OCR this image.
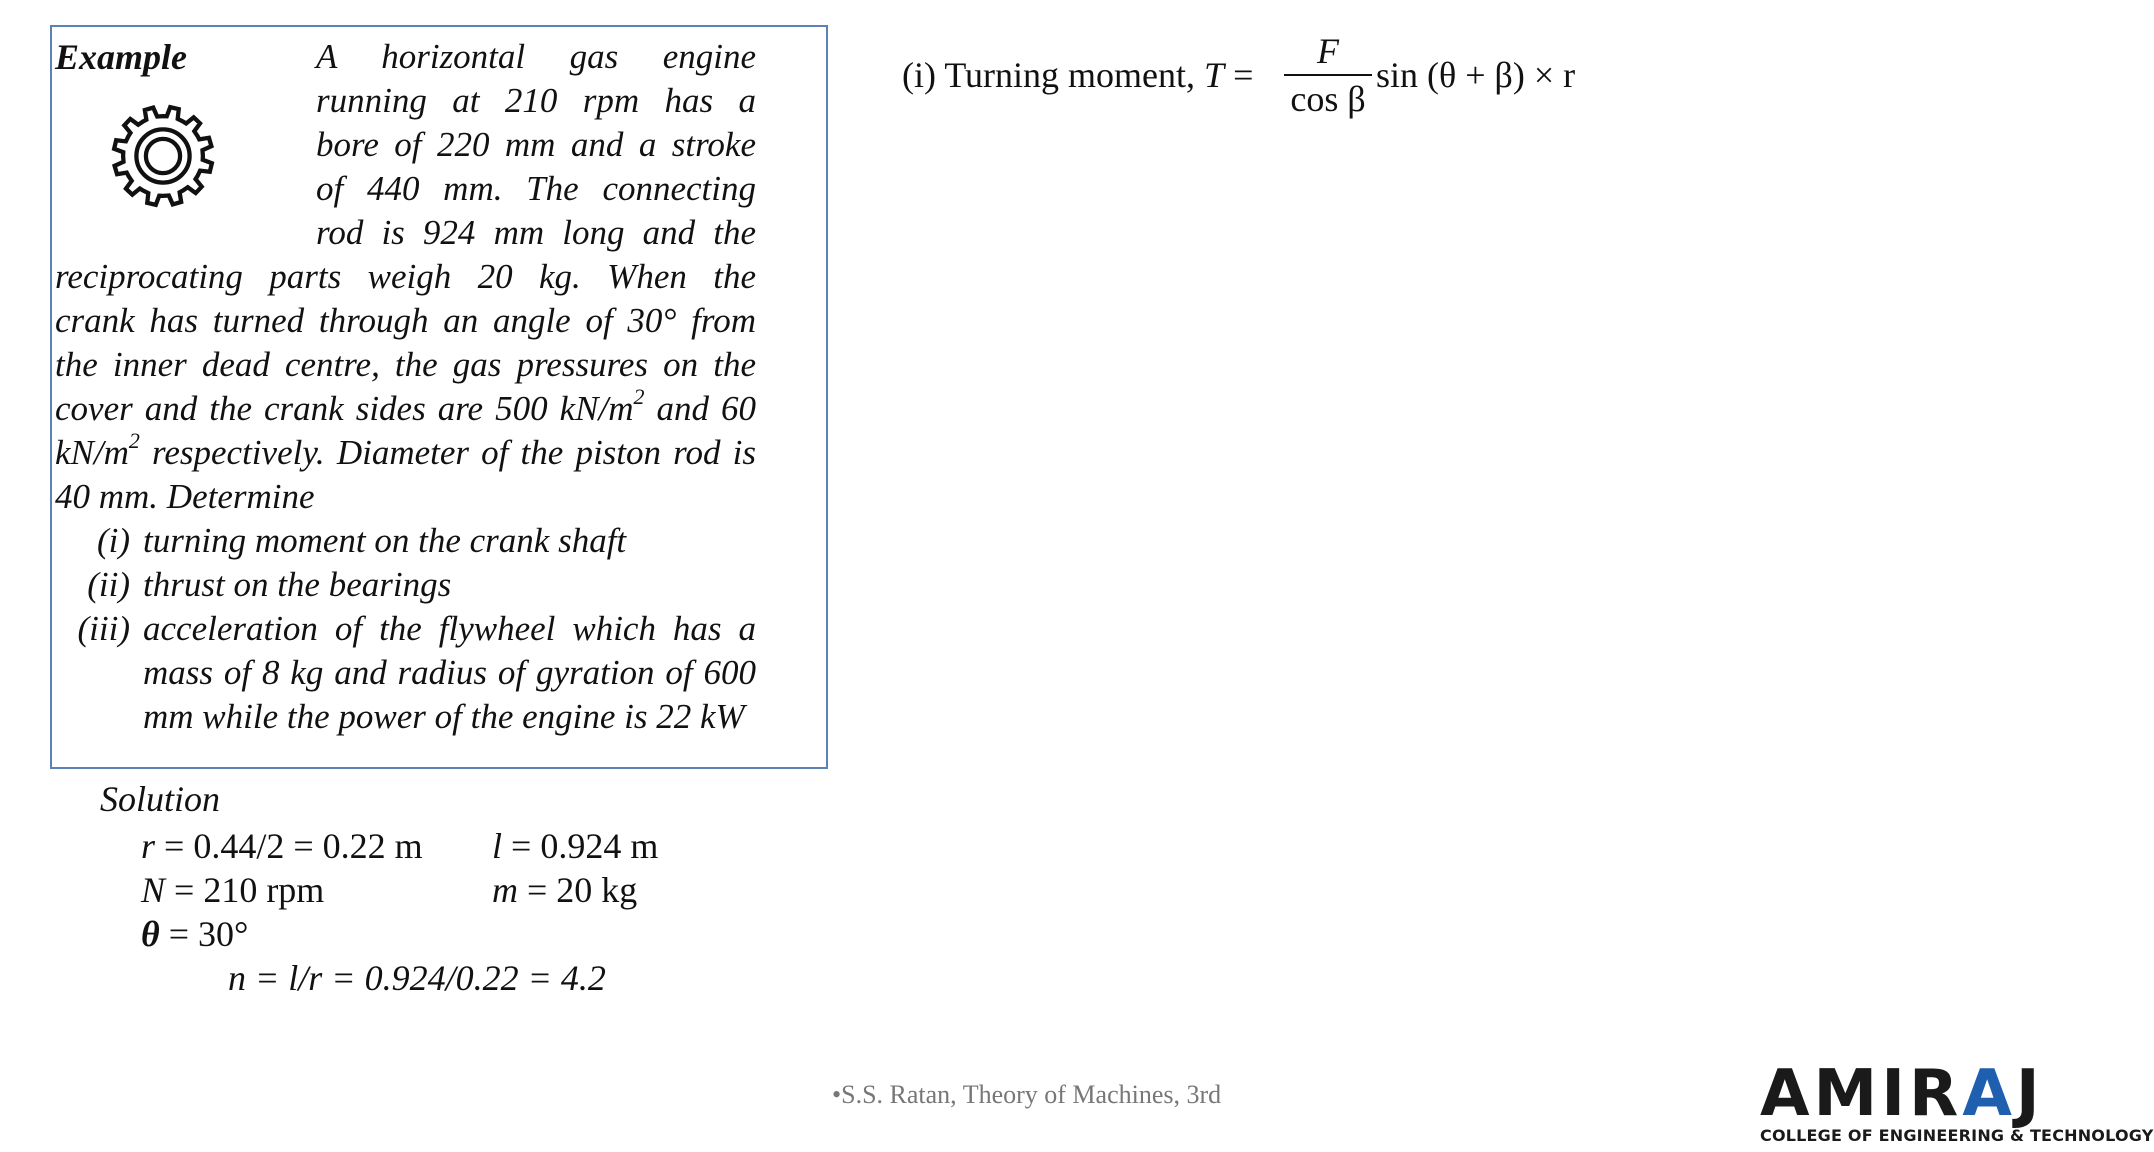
Example	A horizontal gas engine
running at 210 rpm has a
bore of 220 mm and a stroke
of 440 mm. The connecting
rod is 924 mm long and the
reciprocating parts weigh 20 kg. When the
crank has turned through an angle of 30° from
the inner dead centre, the gas pressures on the
cover and the crank sides are 500 $kN/m^2$ and 60
$kN/m^2$ respectively. Diameter of the piston rod is
40 mm. Determine
(i) turning moment on the crank shaft
(ii) thrust on the bearings
(iii) acceleration of the flywheel which has a
mass of 8 kg and radius of gyration of 600
mm while the power of the engine is 22 kW
Solution
r = 0.44/2 = 0.22 m l = 0.924 m
N = 210 rpm	m = 20 kg
θ = 30°
n = l/r = 0.924/0.22 = 4.2
(i) Turning moment, T =
F
cos β
sin (θ + β) × r
•S.S. Ratan, Theory of Machines, 3rd	AMIRAJ
COLLEGE OF ENGINEERING & TECHNOLOGY
